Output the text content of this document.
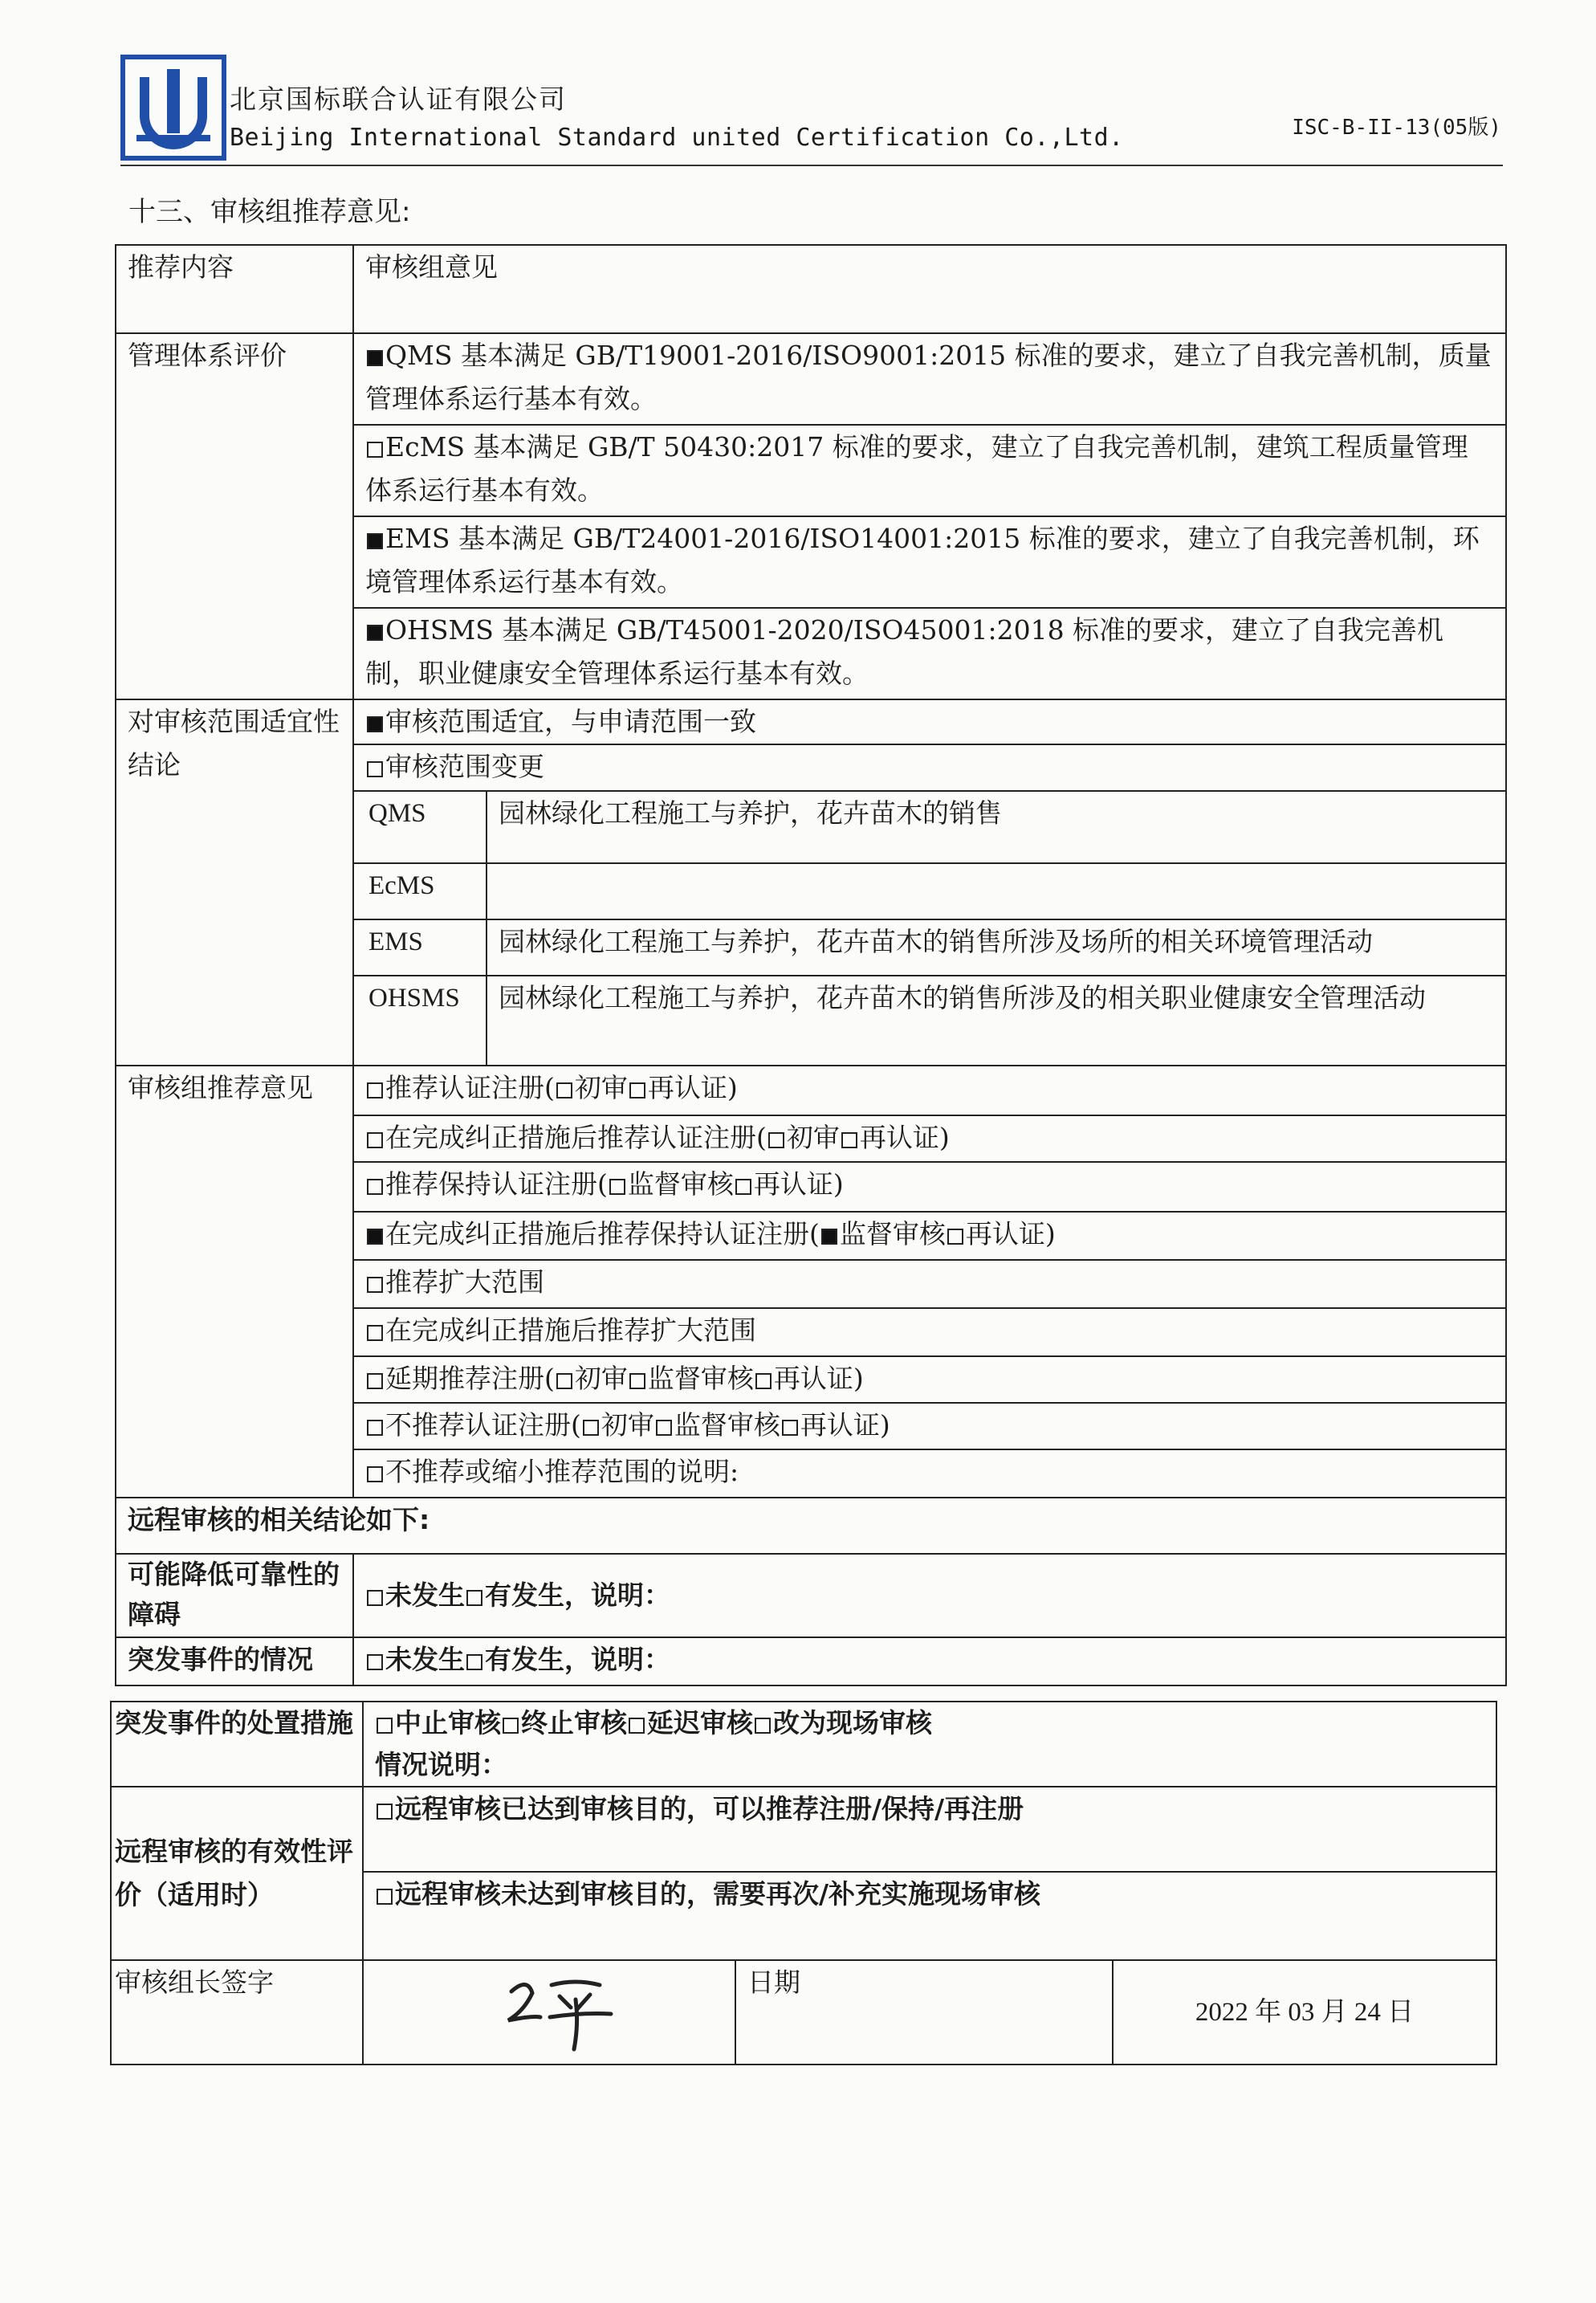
北京国标联合认证有限公司
Beijing International Standard united Certification Co.,Ltd.	ISC-B-II-13(05版)
十三、审核组推荐意见:
推荐内容	审核组意见	
管理体系评价	QMS 基本满足 GB/T19001-2016/ISO9001:2015 标准的要求，建立了自我完善机制，质量管理体系运行基本有效。	
	EcMS 基本满足 GB/T 50430:2017 标准的要求，建立了自我完善机制，建筑工程质量管理体系运行基本有效。	
	EMS 基本满足 GB/T24001-2016/ISO14001:2015 标准的要求，建立了自我完善机制，环境管理体系运行基本有效。	
	OHSMS 基本满足 GB/T45001-2020/ISO45001:2018 标准的要求，建立了自我完善机制，职业健康安全管理体系运行基本有效。	
对审核范围适宜性结论	审核范围适宜，与申请范围一致	
	审核范围变更	
	QMS	园林绿化工程施工与养护，花卉苗木的销售
	EcMS	
	EMS	园林绿化工程施工与养护，花卉苗木的销售所涉及场所的相关环境管理活动
	OHSMS	园林绿化工程施工与养护，花卉苗木的销售所涉及的相关职业健康安全管理活动
审核组推荐意见	推荐认证注册( 初审 再认证)	
	在完成纠正措施后推荐认证注册( 初审 再认证)	
	推荐保持认证注册( 监督审核 再认证)	
	在完成纠正措施后推荐保持认证注册( 监督审核 再认证)	
	推荐扩大范围	
	在完成纠正措施后推荐扩大范围	
	延期推荐注册( 初审 监督审核 再认证)	
	不推荐认证注册( 初审 监督审核 再认证)	
	不推荐或缩小推荐范围的说明:	
远程审核的相关结论如下:		
可能降低可靠性的障碍	未发生 有发生，说明：	
突发事件的情况	未发生 有发生，说明：	
突发事件的处置措施	中止审核 终止审核 延迟审核 改为现场审核
情况说明：		
远程审核的有效性评价（适用时）	远程审核已达到审核目的，可以推荐注册/保持/再注册		
	远程审核未达到审核目的，需要再次/补充实施现场审核		
审核组长签字		日期	2022 年 03 月 24 日
